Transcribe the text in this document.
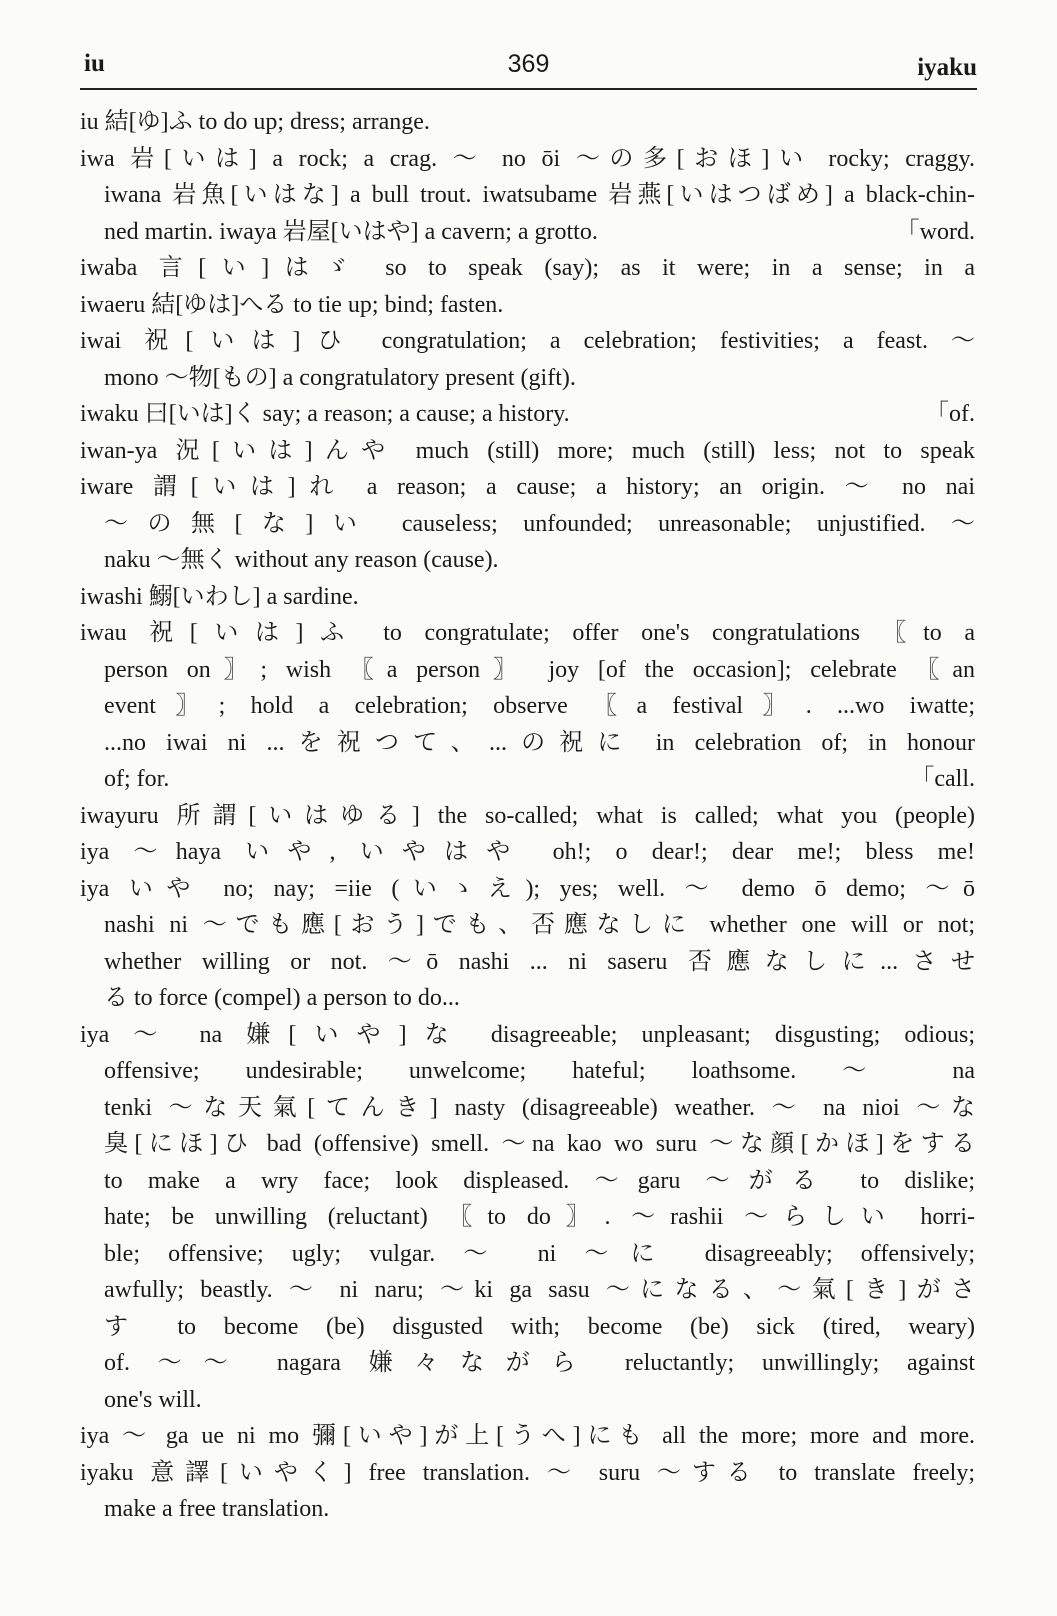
iu	369	iyaku
iu 結[ゆ]ふ to do up; dress; arrange.
iwa 岩[いは] a rock; a crag. ～ no ōi ～の多[おほ]い rocky; craggy.
iwana 岩魚[いはな] a bull trout. iwatsubame 岩燕[いはつばめ] a black-chin-
ned martin. iwaya 岩屋[いはや] a cavern; a grotto.	「word.
iwaba 言[い]はゞ so to speak (say); as it were; in a sense; in a
iwaeru 結[ゆは]へる to tie up; bind; fasten.
iwai 祝[いは]ひ congratulation; a celebration; festivities; a feast. ～
mono ～物[もの] a congratulatory present (gift).
iwaku 曰[いは]く say; a reason; a cause; a history.	「of.
iwan-ya 況[いは]んや much (still) more; much (still) less; not to speak
iware 謂[いは]れ a reason; a cause; a history; an origin. ～ no nai
～の無[な]い causeless; unfounded; unreasonable; unjustified. ～
naku ～無く without any reason (cause).
iwashi 鰯[いわし] a sardine.
iwau 祝[いは]ふ to congratulate; offer one's congratulations 〖to a
person on〗; wish 〖a person〗 joy [of the occasion]; celebrate 〖an
event〗; hold a celebration; observe 〖a festival〗. ...wo iwatte;
...no iwai ni ...を祝つて、...の祝に in celebration of; in honour
of; for.	「call.
iwayuru 所謂[いはゆる] the so-called; what is called; what you (people)
iya ～haya いや, いやはや oh!; o dear!; dear me!; bless me!
iya いや no; nay; =iie (いゝえ); yes; well. ～ demo ō demo; ～ō
nashi ni ～でも應[おう]でも、否應なしに whether one will or not;
whether willing or not. ～ō nashi ... ni saseru 否應なしに...させ
る to force (compel) a person to do...
iya ～ na 嫌[いや]な disagreeable; unpleasant; disgusting; odious;
offensive; undesirable; unwelcome; hateful; loathsome. ～ na
tenki ～な天氣[てんき] nasty (disagreeable) weather. ～ na nioi ～な
臭[にほ]ひ bad (offensive) smell. ～na kao wo suru ～な顔[かほ]をする
to make a wry face; look displeased. ～garu ～がる to dislike;
hate; be unwilling (reluctant) 〖to do〗. ～rashii ～らしい horri-
ble; offensive; ugly; vulgar. ～ ni ～に disagreeably; offensively;
awfully; beastly. ～ ni naru; ～ki ga sasu ～になる、～氣[き]がさ
す to become (be) disgusted with; become (be) sick (tired, weary)
of. ～～ nagara 嫌々ながら reluctantly; unwillingly; against
one's will.
iya ～ ga ue ni mo 彌[いや]が上[うへ]にも all the more; more and more.
iyaku 意譯[いやく] free translation. ～ suru ～する to translate freely;
make a free translation.
